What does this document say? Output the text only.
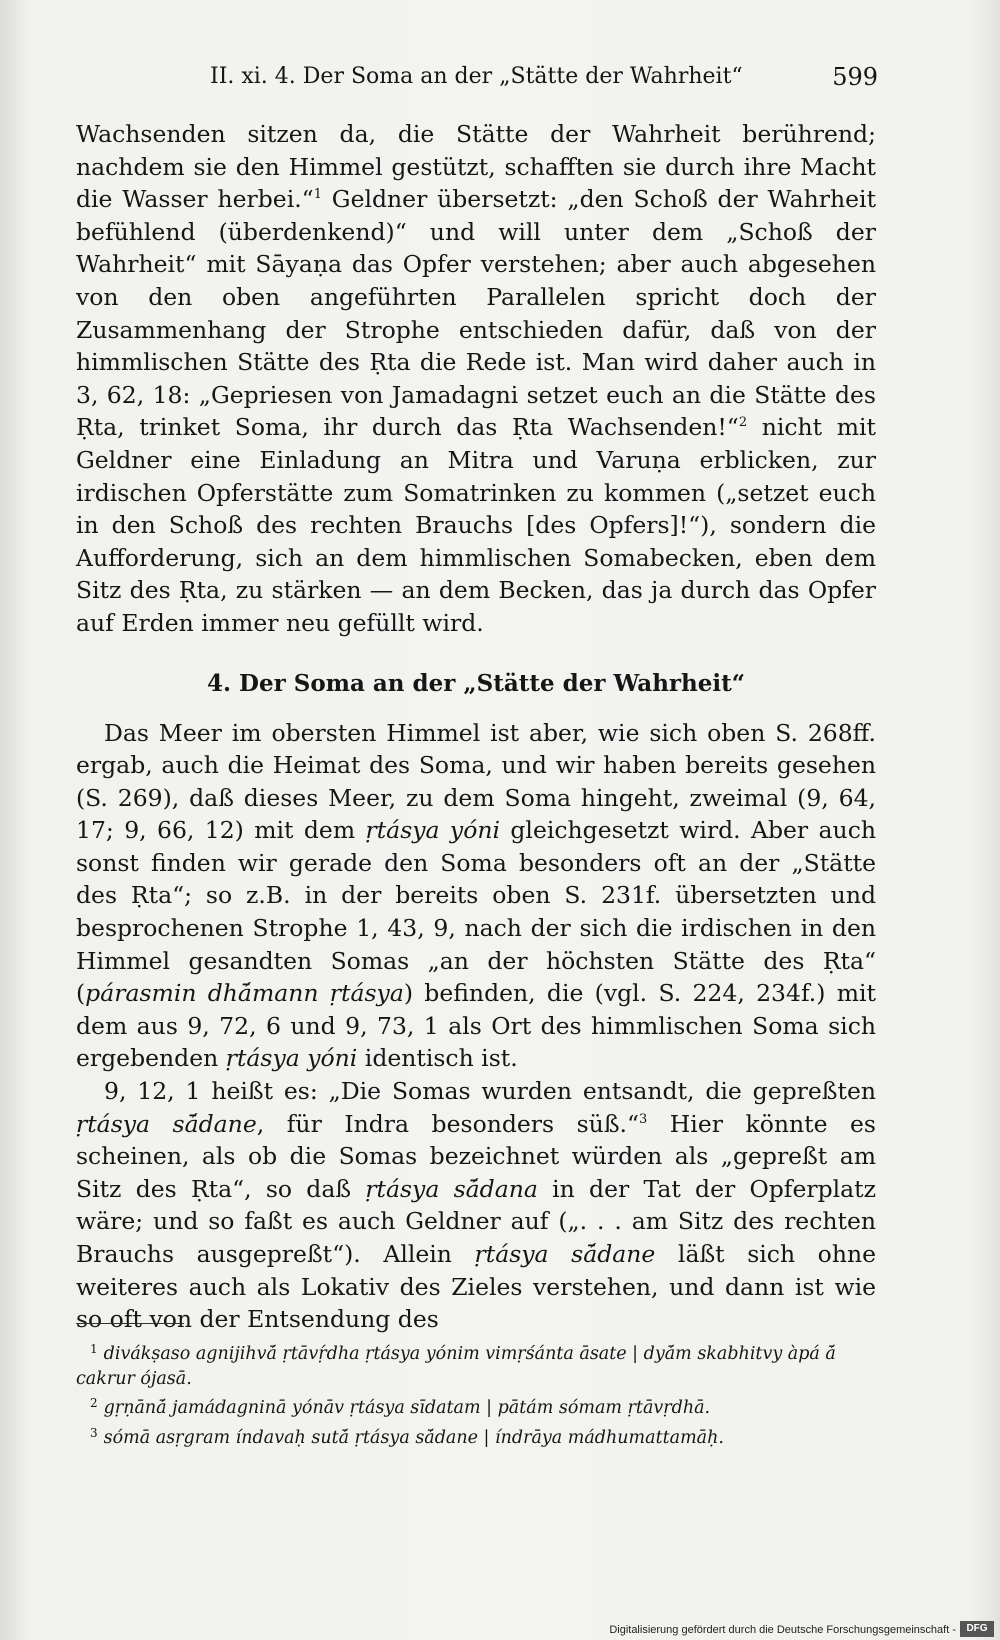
II. xi. 4. Der Soma an der „Stätte der Wahrheit“	599

Wachsenden sitzen da, die Stätte der Wahrheit berührend; nachdem sie den Himmel gestützt, schafften sie durch ihre Macht die Wasser herbei.“$^1$ Geldner übersetzt: „den Schoß der Wahrheit befühlend (überdenkend)“ und will unter dem „Schoß der Wahrheit“ mit Sāyaṇa das Opfer verstehen; aber auch abgesehen von den oben angeführten Parallelen spricht doch der Zusammenhang der Strophe entschieden dafür, daß von der himmlischen Stätte des Ṛta die Rede ist. Man wird daher auch in 3, 62, 18: „Gepriesen von Jamadagni setzet euch an die Stätte des Ṛta, trinket Soma, ihr durch das Ṛta Wachsenden!“$^2$ nicht mit Geldner eine Einladung an Mitra und Varuṇa erblicken, zur irdischen Opferstätte zum Somatrinken zu kommen („setzet euch in den Schoß des rechten Brauchs [des Opfers]!“), sondern die Aufforderung, sich an dem himmlischen Somabecken, eben dem Sitz des Ṛta, zu stärken — an dem Becken, das ja durch das Opfer auf Erden immer neu gefüllt wird.

4. Der Soma an der „Stätte der Wahrheit“

Das Meer im obersten Himmel ist aber, wie sich oben S. 268ff. ergab, auch die Heimat des Soma, und wir haben bereits gesehen (S. 269), daß dieses Meer, zu dem Soma hingeht, zweimal (9, 64, 17; 9, 66, 12) mit dem ṛtásya yóni gleichgesetzt wird. Aber auch sonst finden wir gerade den Soma besonders oft an der „Stätte des Ṛta“; so z.B. in der bereits oben S. 231f. übersetzten und besprochenen Strophe 1, 43, 9, nach der sich die irdischen in den Himmel gesandten Somas „an der höchsten Stätte des Ṛta“ (párasmin dhā́mann ṛtásya) befinden, die (vgl. S. 224, 234f.) mit dem aus 9, 72, 6 und 9, 73, 1 als Ort des himmlischen Soma sich ergebenden ṛtásya yóni identisch ist.

9, 12, 1 heißt es: „Die Somas wurden entsandt, die gepreßten ṛtásya sā́dane, für Indra besonders süß.“$^3$ Hier könnte es scheinen, als ob die Somas bezeichnet würden als „gepreßt am Sitz des Ṛta“, so daß ṛtásya sā́dana in der Tat der Opferplatz wäre; und so faßt es auch Geldner auf („. . . am Sitz des rechten Brauchs ausgepreßt“). Allein ṛtásya sā́dane läßt sich ohne weiteres auch als Lokativ des Zieles verstehen, und dann ist wie so oft von der Entsendung des

$^1$ divákṣaso agnijihvā́ ṛtāvṛ́dha ṛtásya yónim vimṛśánta āsate | dyā́m skabhitvy àpá ā́ cakrur ójasā.

$^2$ gṛṇānā́ jamádagninā yónāv ṛtásya sīdatam | pātám sómam ṛtāvṛdhā.

$^3$ sómā asṛgram índavaḥ sutā́ ṛtásya sā́dane | índrāya mádhumattamāḥ.

Digitalisierung gefördert durch die Deutsche Forschungsgemeinschaft -	DFG
